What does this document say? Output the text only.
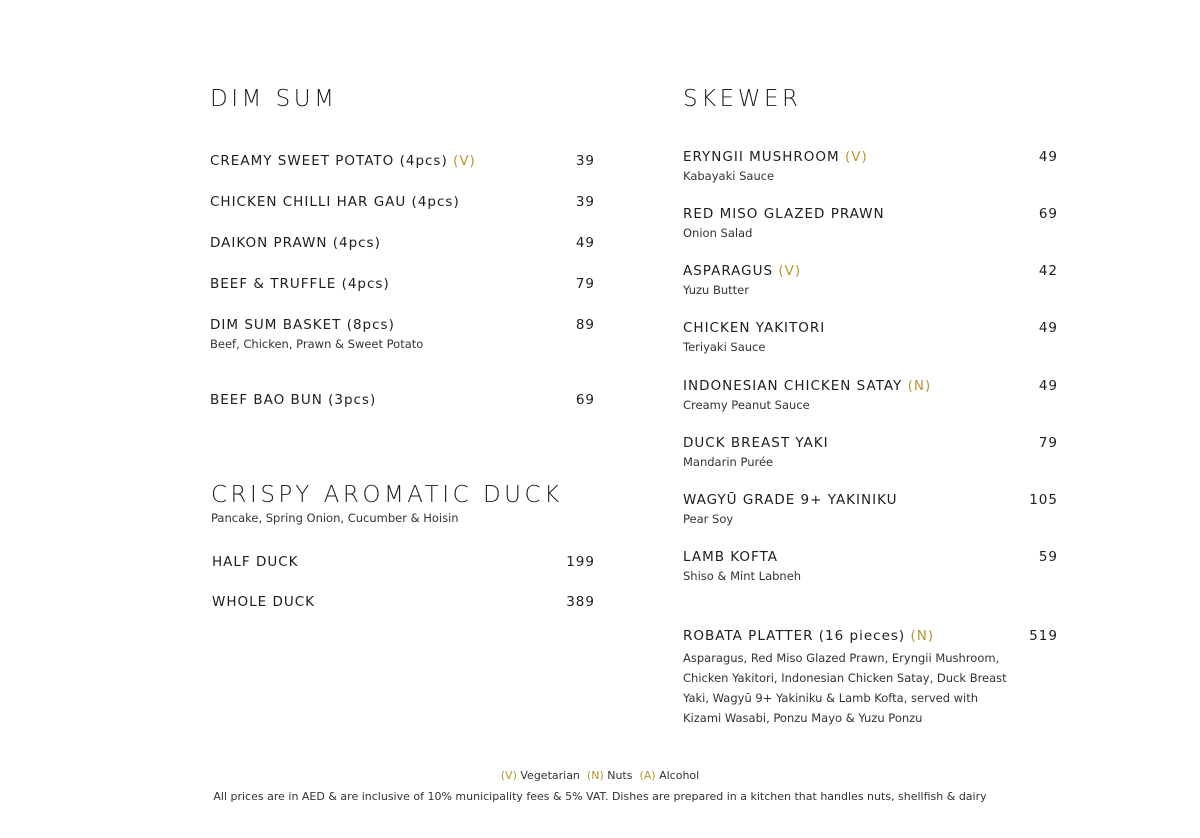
DIM SUM
CREAMY SWEET POTATO (4pcs) (V)	39
CHICKEN CHILLI HAR GAU (4pcs)	39
DAIKON PRAWN (4pcs)	49
BEEF & TRUFFLE (4pcs)	79
DIM SUM BASKET (8pcs)	89
Beef, Chicken, Prawn & Sweet Potato
BEEF BAO BUN (3pcs)	69
CRISPY AROMATIC DUCK
Pancake, Spring Onion, Cucumber & Hoisin
HALF DUCK	199
WHOLE DUCK	389
SKEWER
ERYNGII MUSHROOM (V)	49
Kabayaki Sauce
RED MISO GLAZED PRAWN	69
Onion Salad
ASPARAGUS (V)	42
Yuzu Butter
CHICKEN YAKITORI	49
Teriyaki Sauce
INDONESIAN CHICKEN SATAY (N)	49
Creamy Peanut Sauce
DUCK BREAST YAKI	79
Mandarin Purée
WAGYŪ GRADE 9+ YAKINIKU	105
Pear Soy
LAMB KOFTA	59
Shiso & Mint Labneh
ROBATA PLATTER (16 pieces) (N)	519
Asparagus, Red Miso Glazed Prawn, Eryngii Mushroom, Chicken Yakitori, Indonesian Chicken Satay, Duck Breast Yaki, Wagyū 9+ Yakiniku & Lamb Kofta, served with Kizami Wasabi, Ponzu Mayo & Yuzu Ponzu
(V) Vegetarian (N) Nuts (A) Alcohol
All prices are in AED & are inclusive of 10% municipality fees & 5% VAT. Dishes are prepared in a kitchen that handles nuts, shellfish & dairy
